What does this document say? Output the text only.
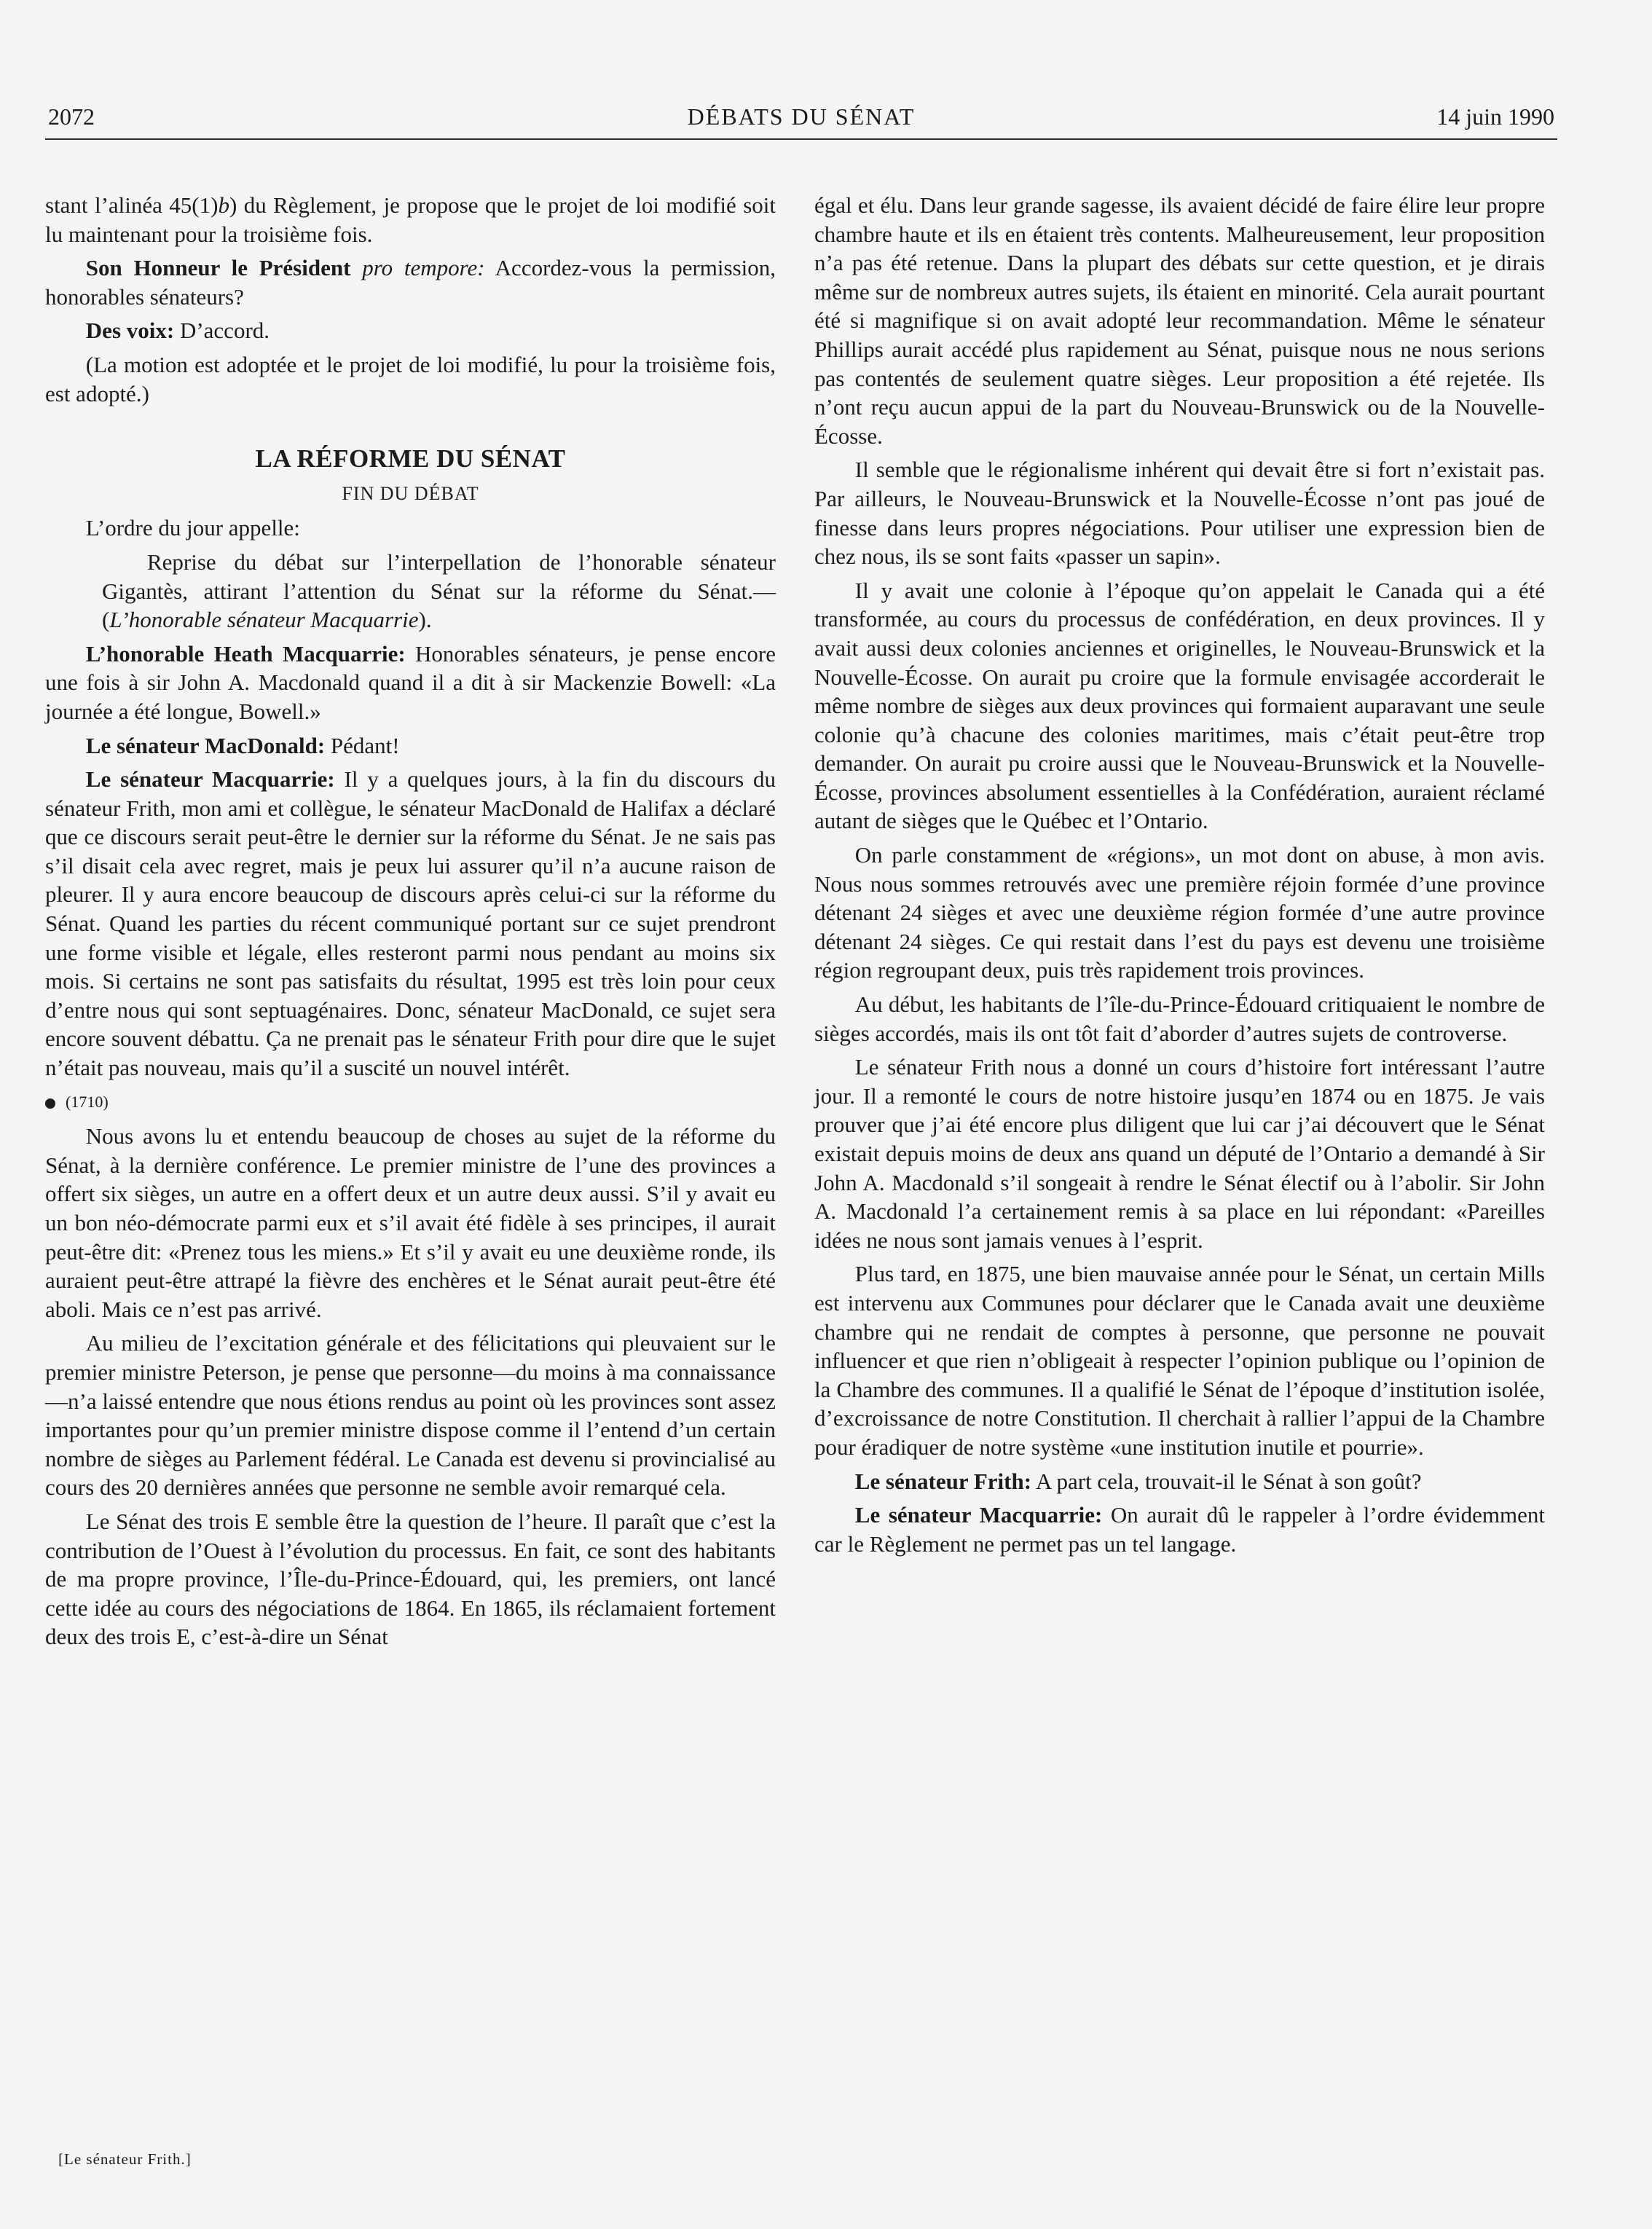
2072	DÉBATS DU SÉNAT	14 juin 1990

stant l’alinéa 45(1)b) du Règlement, je propose que le projet de loi modifié soit lu maintenant pour la troisième fois.

Son Honneur le Président pro tempore: Accordez-vous la permission, honorables sénateurs?

Des voix: D’accord.

(La motion est adoptée et le projet de loi modifié, lu pour la troisième fois, est adopté.)

LA RÉFORME DU SÉNAT
FIN DU DÉBAT

L’ordre du jour appelle:

Reprise du débat sur l’interpellation de l’honorable sénateur Gigantès, attirant l’attention du Sénat sur la réforme du Sénat.—(L’honorable sénateur Macquarrie).

L’honorable Heath Macquarrie: Honorables sénateurs, je pense encore une fois à sir John A. Macdonald quand il a dit à sir Mackenzie Bowell: «La journée a été longue, Bowell.»

Le sénateur MacDonald: Pédant!

Le sénateur Macquarrie: Il y a quelques jours, à la fin du discours du sénateur Frith, mon ami et collègue, le sénateur MacDonald de Halifax a déclaré que ce discours serait peut-être le dernier sur la réforme du Sénat. Je ne sais pas s’il disait cela avec regret, mais je peux lui assurer qu’il n’a aucune raison de pleurer. Il y aura encore beaucoup de discours après celui-ci sur la réforme du Sénat. Quand les parties du récent communiqué portant sur ce sujet prendront une forme visible et légale, elles resteront parmi nous pendant au moins six mois. Si certains ne sont pas satisfaits du résultat, 1995 est très loin pour ceux d’entre nous qui sont septuagénaires. Donc, sénateur MacDonald, ce sujet sera encore souvent débattu. Ça ne prenait pas le sénateur Frith pour dire que le sujet n’était pas nouveau, mais qu’il a suscité un nouvel intérêt.

(1710)

Nous avons lu et entendu beaucoup de choses au sujet de la réforme du Sénat, à la dernière conférence. Le premier ministre de l’une des provinces a offert six sièges, un autre en a offert deux et un autre deux aussi. S’il y avait eu un bon néo-démocrate parmi eux et s’il avait été fidèle à ses principes, il aurait peut-être dit: «Prenez tous les miens.» Et s’il y avait eu une deuxième ronde, ils auraient peut-être attrapé la fièvre des enchères et le Sénat aurait peut-être été aboli. Mais ce n’est pas arrivé.

Au milieu de l’excitation générale et des félicitations qui pleuvaient sur le premier ministre Peterson, je pense que personne—du moins à ma connaissance—n’a laissé entendre que nous étions rendus au point où les provinces sont assez importantes pour qu’un premier ministre dispose comme il l’entend d’un certain nombre de sièges au Parlement fédéral. Le Canada est devenu si provincialisé au cours des 20 dernières années que personne ne semble avoir remarqué cela.

Le Sénat des trois E semble être la question de l’heure. Il paraît que c’est la contribution de l’Ouest à l’évolution du processus. En fait, ce sont des habitants de ma propre province, l’Île-du-Prince-Édouard, qui, les premiers, ont lancé cette idée au cours des négociations de 1864. En 1865, ils réclamaient fortement deux des trois E, c’est-à-dire un Sénat

égal et élu. Dans leur grande sagesse, ils avaient décidé de faire élire leur propre chambre haute et ils en étaient très contents. Malheureusement, leur proposition n’a pas été retenue. Dans la plupart des débats sur cette question, et je dirais même sur de nombreux autres sujets, ils étaient en minorité. Cela aurait pourtant été si magnifique si on avait adopté leur recommandation. Même le sénateur Phillips aurait accédé plus rapidement au Sénat, puisque nous ne nous serions pas contentés de seulement quatre sièges. Leur proposition a été rejetée. Ils n’ont reçu aucun appui de la part du Nouveau-Brunswick ou de la Nouvelle-Écosse.

Il semble que le régionalisme inhérent qui devait être si fort n’existait pas. Par ailleurs, le Nouveau-Brunswick et la Nouvelle-Écosse n’ont pas joué de finesse dans leurs propres négociations. Pour utiliser une expression bien de chez nous, ils se sont faits «passer un sapin».

Il y avait une colonie à l’époque qu’on appelait le Canada qui a été transformée, au cours du processus de confédération, en deux provinces. Il y avait aussi deux colonies anciennes et originelles, le Nouveau-Brunswick et la Nouvelle-Écosse. On aurait pu croire que la formule envisagée accorderait le même nombre de sièges aux deux provinces qui formaient auparavant une seule colonie qu’à chacune des colonies maritimes, mais c’était peut-être trop demander. On aurait pu croire aussi que le Nouveau-Brunswick et la Nouvelle-Écosse, provinces absolument essentielles à la Confédération, auraient réclamé autant de sièges que le Québec et l’Ontario.

On parle constamment de «régions», un mot dont on abuse, à mon avis. Nous nous sommes retrouvés avec une première réjoin formée d’une province détenant 24 sièges et avec une deuxième région formée d’une autre province détenant 24 sièges. Ce qui restait dans l’est du pays est devenu une troisième région regroupant deux, puis très rapidement trois provinces.

Au début, les habitants de l’île-du-Prince-Édouard critiquaient le nombre de sièges accordés, mais ils ont tôt fait d’aborder d’autres sujets de controverse.

Le sénateur Frith nous a donné un cours d’histoire fort intéressant l’autre jour. Il a remonté le cours de notre histoire jusqu’en 1874 ou en 1875. Je vais prouver que j’ai été encore plus diligent que lui car j’ai découvert que le Sénat existait depuis moins de deux ans quand un député de l’Ontario a demandé à Sir John A. Macdonald s’il songeait à rendre le Sénat électif ou à l’abolir. Sir John A. Macdonald l’a certainement remis à sa place en lui répondant: «Pareilles idées ne nous sont jamais venues à l’esprit.

Plus tard, en 1875, une bien mauvaise année pour le Sénat, un certain Mills est intervenu aux Communes pour déclarer que le Canada avait une deuxième chambre qui ne rendait de comptes à personne, que personne ne pouvait influencer et que rien n’obligeait à respecter l’opinion publique ou l’opinion de la Chambre des communes. Il a qualifié le Sénat de l’époque d’institution isolée, d’excroissance de notre Constitution. Il cherchait à rallier l’appui de la Chambre pour éradiquer de notre système «une institution inutile et pourrie».

Le sénateur Frith: A part cela, trouvait-il le Sénat à son goût?

Le sénateur Macquarrie: On aurait dû le rappeler à l’ordre évidemment car le Règlement ne permet pas un tel langage.

[Le sénateur Frith.]
